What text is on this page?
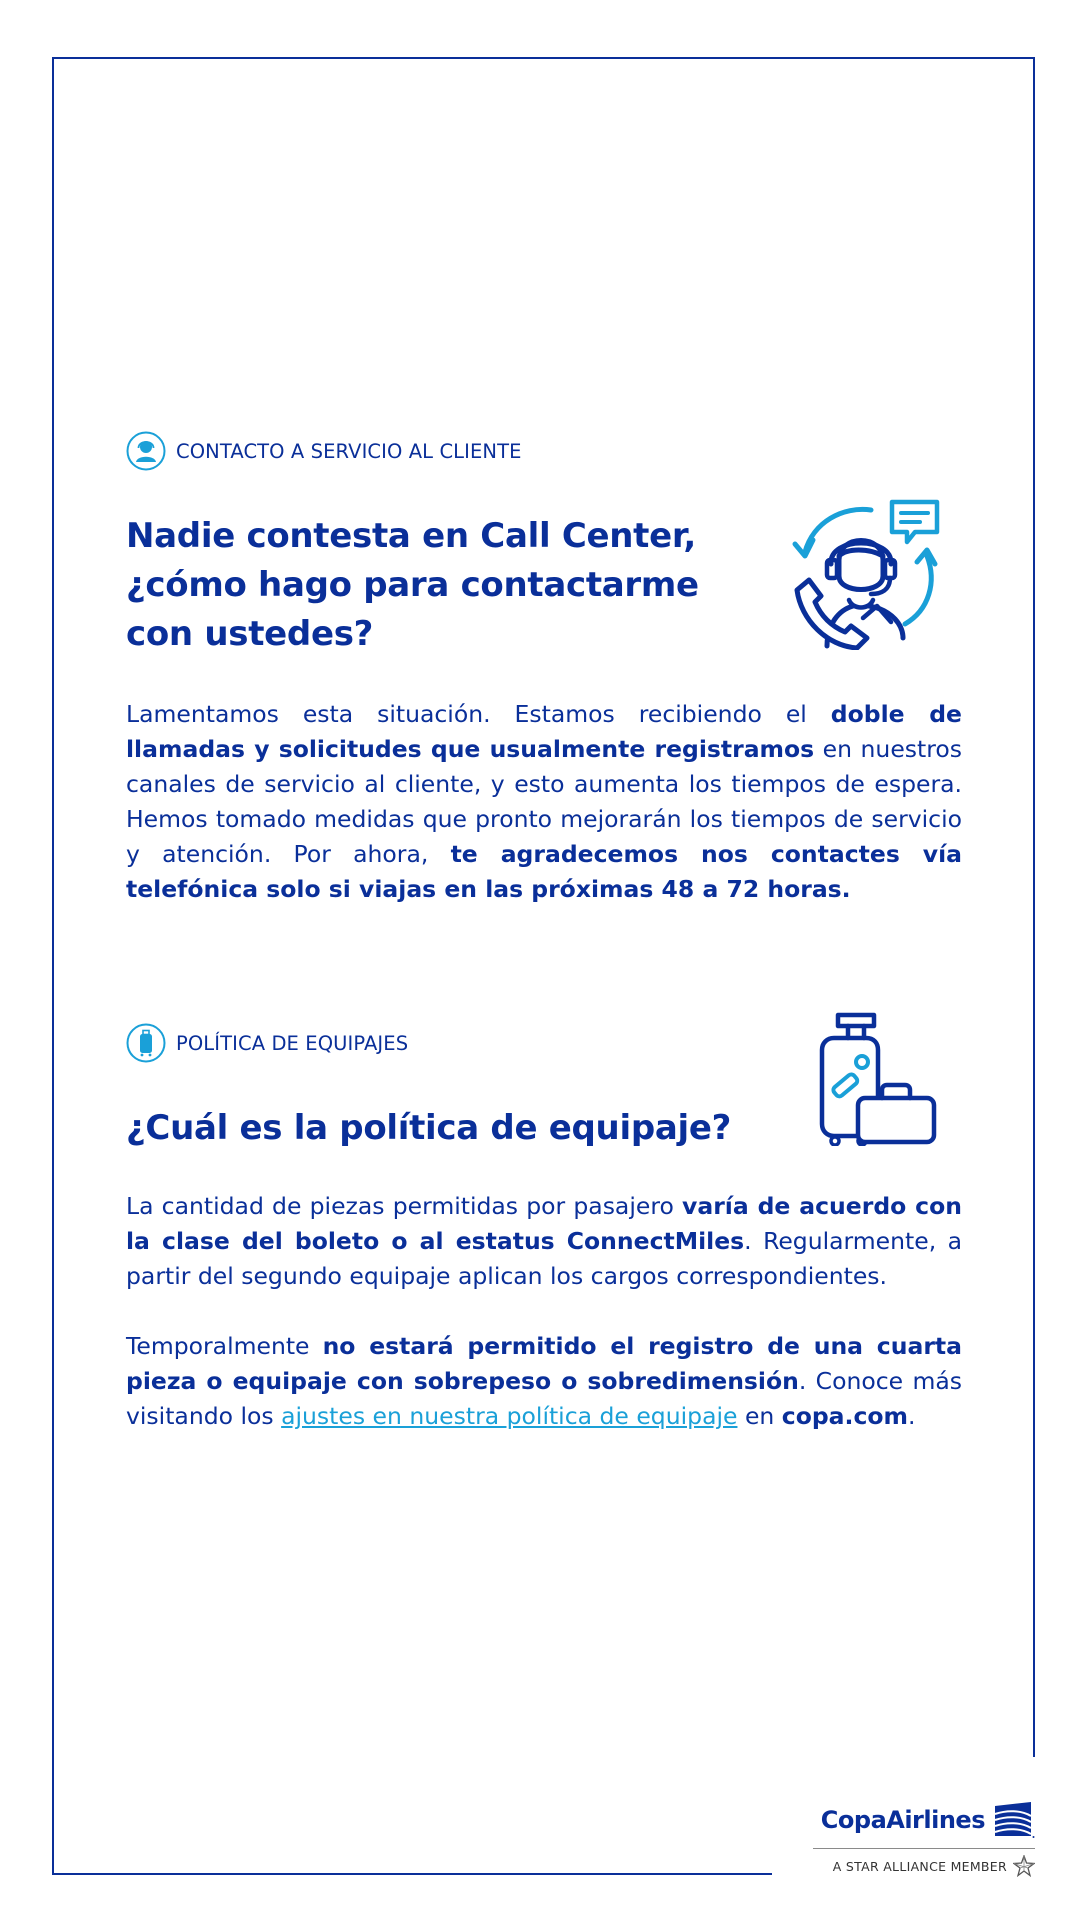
CONTACTO A SERVICIO AL CLIENTE
Nadie contesta en Call Center,
¿cómo hago para contactarme
con ustedes?

Lamentamos esta situación. Estamos recibiendo el doble de llamadas y solicitudes que usualmente registramos en nuestros canales de servicio al cliente, y esto aumenta los tiempos de espera. Hemos tomado medidas que pronto mejorarán los tiempos de servicio y atención. Por ahora, te agradecemos nos contactes vía telefónica solo si viajas en las próximas 48 a 72 horas.

POLÍTICA DE EQUIPAJES
¿Cuál es la política de equipaje?

La cantidad de piezas permitidas por pasajero varía de acuerdo con la clase del boleto o al estatus ConnectMiles. Regularmente, a partir del segundo equipaje aplican los cargos correspondientes.

Temporalmente no estará permitido el registro de una cuarta pieza o equipaje con sobrepeso o sobredimensión. Conoce más visitando los ajustes en nuestra política de equipaje en copa.com.

CopaAirlines
A STAR ALLIANCE MEMBER
